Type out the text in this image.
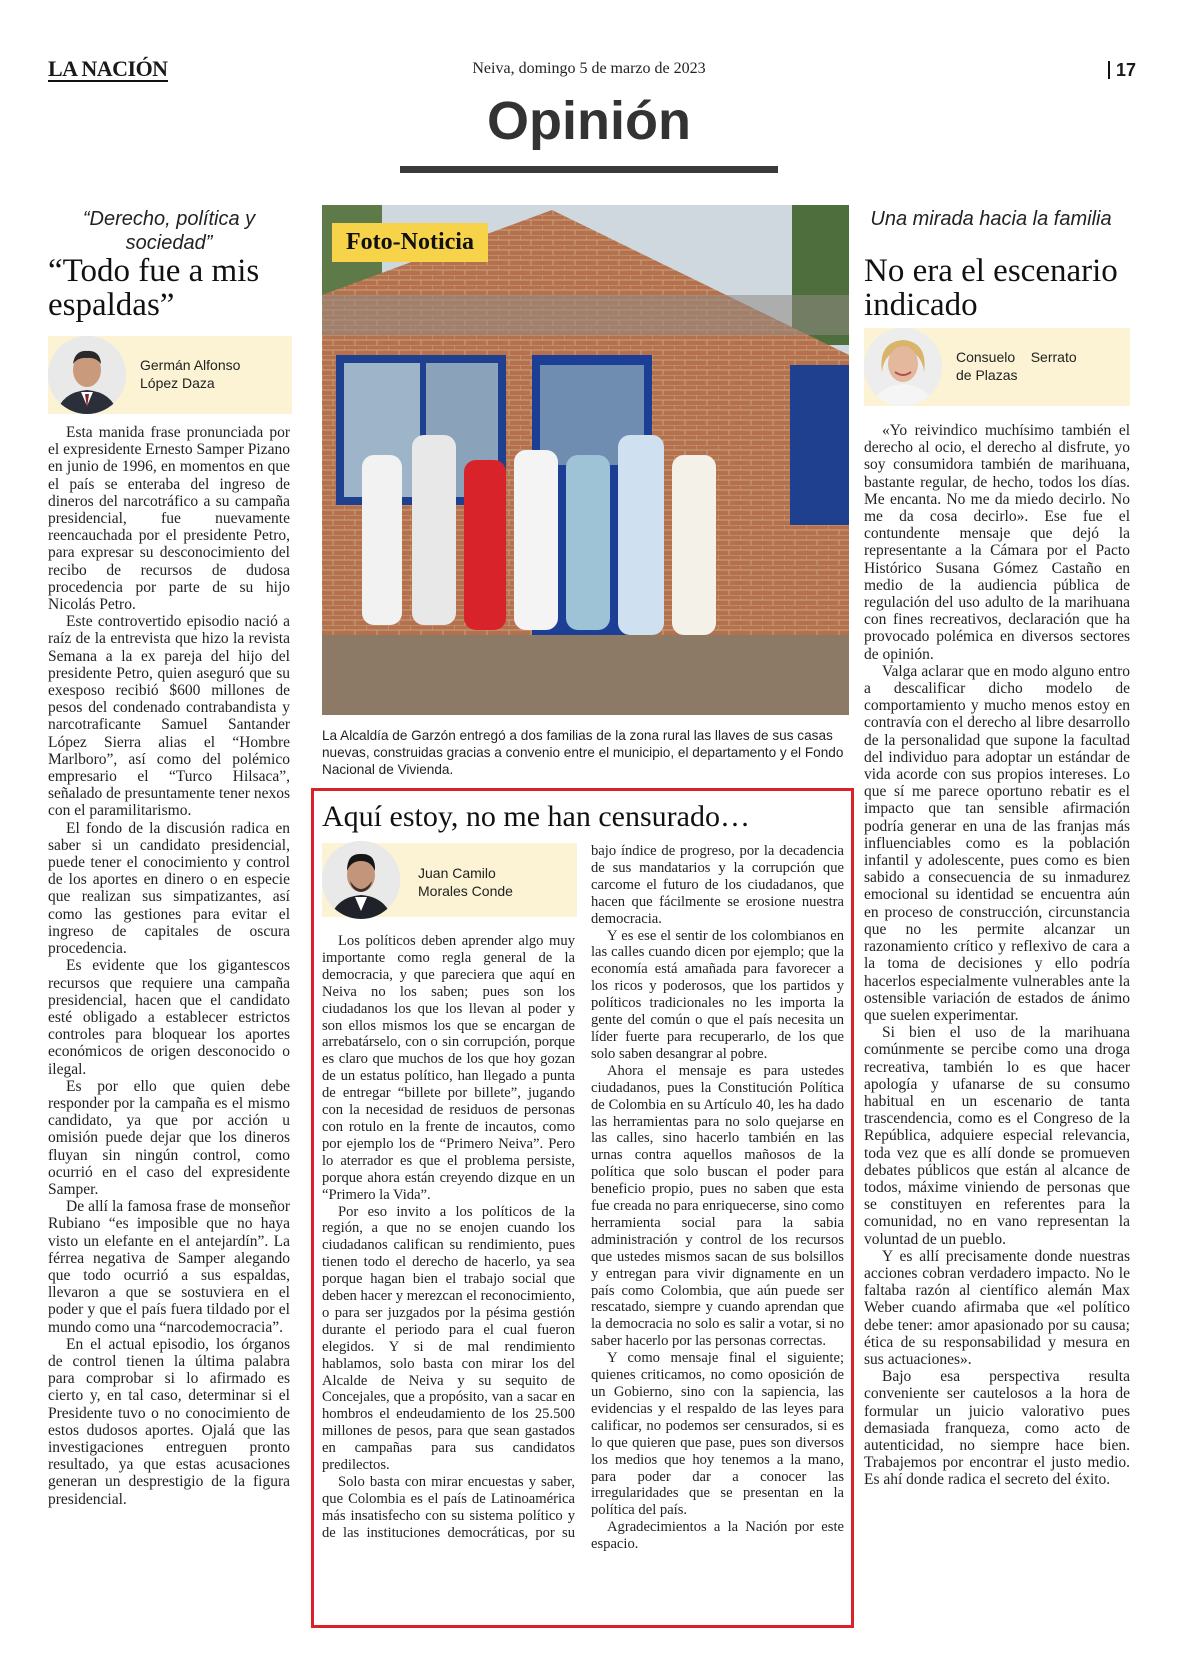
LA NACIÓN	Neiva, domingo 5 de marzo de 2023	17
Opinión
“Derecho, política y sociedad”
“Todo fue a mis espaldas”
Germán Alfonso
López Daza

Esta manida frase pronunciada por el expresidente Ernesto Samper Pizano en junio de 1996, en momentos en que el país se enteraba del ingreso de dineros del narcotráfico a su campaña presidencial, fue nuevamente reencauchada por el presidente Petro, para expresar su desconocimiento del recibo de recursos de dudosa procedencia por parte de su hijo Nicolás Petro.

Este controvertido episodio nació a raíz de la entrevista que hizo la revista Semana a la ex pareja del hijo del presidente Petro, quien aseguró que su exesposo recibió $600 millones de pesos del condenado contrabandista y narcotraficante Samuel Santander López Sierra alias el “Hombre Marlboro”, así como del polémico empresario el “Turco Hilsaca”, señalado de presuntamente tener nexos con el paramilitarismo.

El fondo de la discusión radica en saber si un candidato presidencial, puede tener el conocimiento y control de los aportes en dinero o en especie que realizan sus simpatizantes, así como las gestiones para evitar el ingreso de capitales de oscura procedencia.

Es evidente que los gigantescos recursos que requiere una campaña presidencial, hacen que el candidato esté obligado a establecer estrictos controles para bloquear los aportes económicos de origen desconocido o ilegal.

Es por ello que quien debe responder por la campaña es el mismo candidato, ya que por acción u omisión puede dejar que los dineros fluyan sin ningún control, como ocurrió en el caso del expresidente Samper.

De allí la famosa frase de monseñor Rubiano “es imposible que no haya visto un elefante en el antejardín”. La férrea negativa de Samper alegando que todo ocurrió a sus espaldas, llevaron a que se sostuviera en el poder y que el país fuera tildado por el mundo como una “narcodemocracia”.

En el actual episodio, los órganos de control tienen la última palabra para comprobar si lo afirmado es cierto y, en tal caso, determinar si el Presidente tuvo o no conocimiento de estos dudosos aportes. Ojalá que las investigaciones entreguen pronto resultado, ya que estas acusaciones generan un desprestigio de la figura presidencial.

Foto-Noticia
La Alcaldía de Garzón entregó a dos familias de la zona rural las llaves de sus casas nuevas, construidas gracias a convenio entre el municipio, el departamento y el Fondo Nacional de Vivienda.
Aquí estoy, no me han censurado…
Juan Camilo
Morales Conde

Los políticos deben aprender algo muy importante como regla general de la democracia, y que pareciera que aquí en Neiva no los saben; pues son los ciudadanos los que los llevan al poder y son ellos mismos los que se encargan de arrebatárselo, con o sin corrupción, porque es claro que muchos de los que hoy gozan de un estatus político, han llegado a punta de entregar “billete por billete”, jugando con la necesidad de residuos de personas con rotulo en la frente de incautos, como por ejemplo los de “Primero Neiva”. Pero lo aterrador es que el problema persiste, porque ahora están creyendo dizque en un “Primero la Vida”.

Por eso invito a los políticos de la región, a que no se enojen cuando los ciudadanos califican su rendimiento, pues tienen todo el derecho de hacerlo, ya sea porque hagan bien el trabajo social que deben hacer y merezcan el reconocimiento, o para ser juzgados por la pésima gestión durante el periodo para el cual fueron elegidos. Y si de mal rendimiento hablamos, solo basta con mirar los del Alcalde de Neiva y su sequito de Concejales, que a propósito, van a sacar en hombros el endeudamiento de los 25.500 millones de pesos, para que sean gastados en campañas para sus candidatos predilectos.

Solo basta con mirar encuestas y saber, que Colombia es el país de Latinoamérica más insatisfecho con su sistema político y de las instituciones democráticas, por su bajo índice de progreso, por la decadencia de sus mandatarios y la corrupción que carcome el futuro de los ciudadanos, que hacen que fácilmente se erosione nuestra democracia.

Y es ese el sentir de los colombianos en las calles cuando dicen por ejemplo; que la economía está amañada para favorecer a los ricos y poderosos, que los partidos y políticos tradicionales no les importa la gente del común o que el país necesita un líder fuerte para recuperarlo, de los que solo saben desangrar al pobre.

Ahora el mensaje es para ustedes ciudadanos, pues la Constitución Política de Colombia en su Artículo 40, les ha dado las herramientas para no solo quejarse en las calles, sino hacerlo también en las urnas contra aquellos mañosos de la política que solo buscan el poder para beneficio propio, pues no saben que esta fue creada no para enriquecerse, sino como herramienta social para la sabia administración y control de los recursos que ustedes mismos sacan de sus bolsillos y entregan para vivir dignamente en un país como Colombia, que aún puede ser rescatado, siempre y cuando aprendan que la democracia no solo es salir a votar, si no saber hacerlo por las personas correctas.

Y como mensaje final el siguiente; quienes criticamos, no como oposición de un Gobierno, sino con la sapiencia, las evidencias y el respaldo de las leyes para calificar, no podemos ser censurados, si es lo que quieren que pase, pues son diversos los medios que hoy tenemos a la mano, para poder dar a conocer las irregularidades que se presentan en la política del país.

Agradecimientos a la Nación por este espacio.

Una mirada hacia la familia
No era el escenario indicado
Consuelo    Serrato
de Plazas

«Yo reivindico muchísimo también el derecho al ocio, el derecho al disfrute, yo soy consumidora también de marihuana, bastante regular, de hecho, todos los días. Me encanta. No me da miedo decirlo. No me da cosa decirlo». Ese fue el contundente mensaje que dejó la representante a la Cámara por el Pacto Histórico Susana Gómez Castaño en medio de la audiencia pública de regulación del uso adulto de la marihuana con fines recreativos, declaración que ha provocado polémica en diversos sectores de opinión.

Valga aclarar que en modo alguno entro a descalificar dicho modelo de comportamiento y mucho menos estoy en contravía con el derecho al libre desarrollo de la personalidad que supone la facultad del individuo para adoptar un estándar de vida acorde con sus propios intereses. Lo que sí me parece oportuno rebatir es el impacto que tan sensible afirmación podría generar en una de las franjas más influenciables como es la población infantil y adolescente, pues como es bien sabido a consecuencia de su inmadurez emocional su identidad se encuentra aún en proceso de construcción, circunstancia que no les permite alcanzar un razonamiento crítico y reflexivo de cara a la toma de decisiones y ello podría hacerlos especialmente vulnerables ante la ostensible variación de estados de ánimo que suelen experimentar.

Si bien el uso de la marihuana comúnmente se percibe como una droga recreativa, también lo es que hacer apología y ufanarse de su consumo habitual en un escenario de tanta trascendencia, como es el Congreso de la República, adquiere especial relevancia, toda vez que es allí donde se promueven debates públicos que están al alcance de todos, máxime viniendo de personas que se constituyen en referentes para la comunidad, no en vano representan la voluntad de un pueblo.

Y es allí precisamente donde nuestras acciones cobran verdadero impacto. No le faltaba razón al científico alemán Max Weber cuando afirmaba que «el político debe tener: amor apasionado por su causa; ética de su responsabilidad y mesura en sus actuaciones».

Bajo esa perspectiva resulta conveniente ser cautelosos a la hora de formular un juicio valorativo pues demasiada franqueza, como acto de autenticidad, no siempre hace bien. Trabajemos por encontrar el justo medio. Es ahí donde radica el secreto del éxito.
